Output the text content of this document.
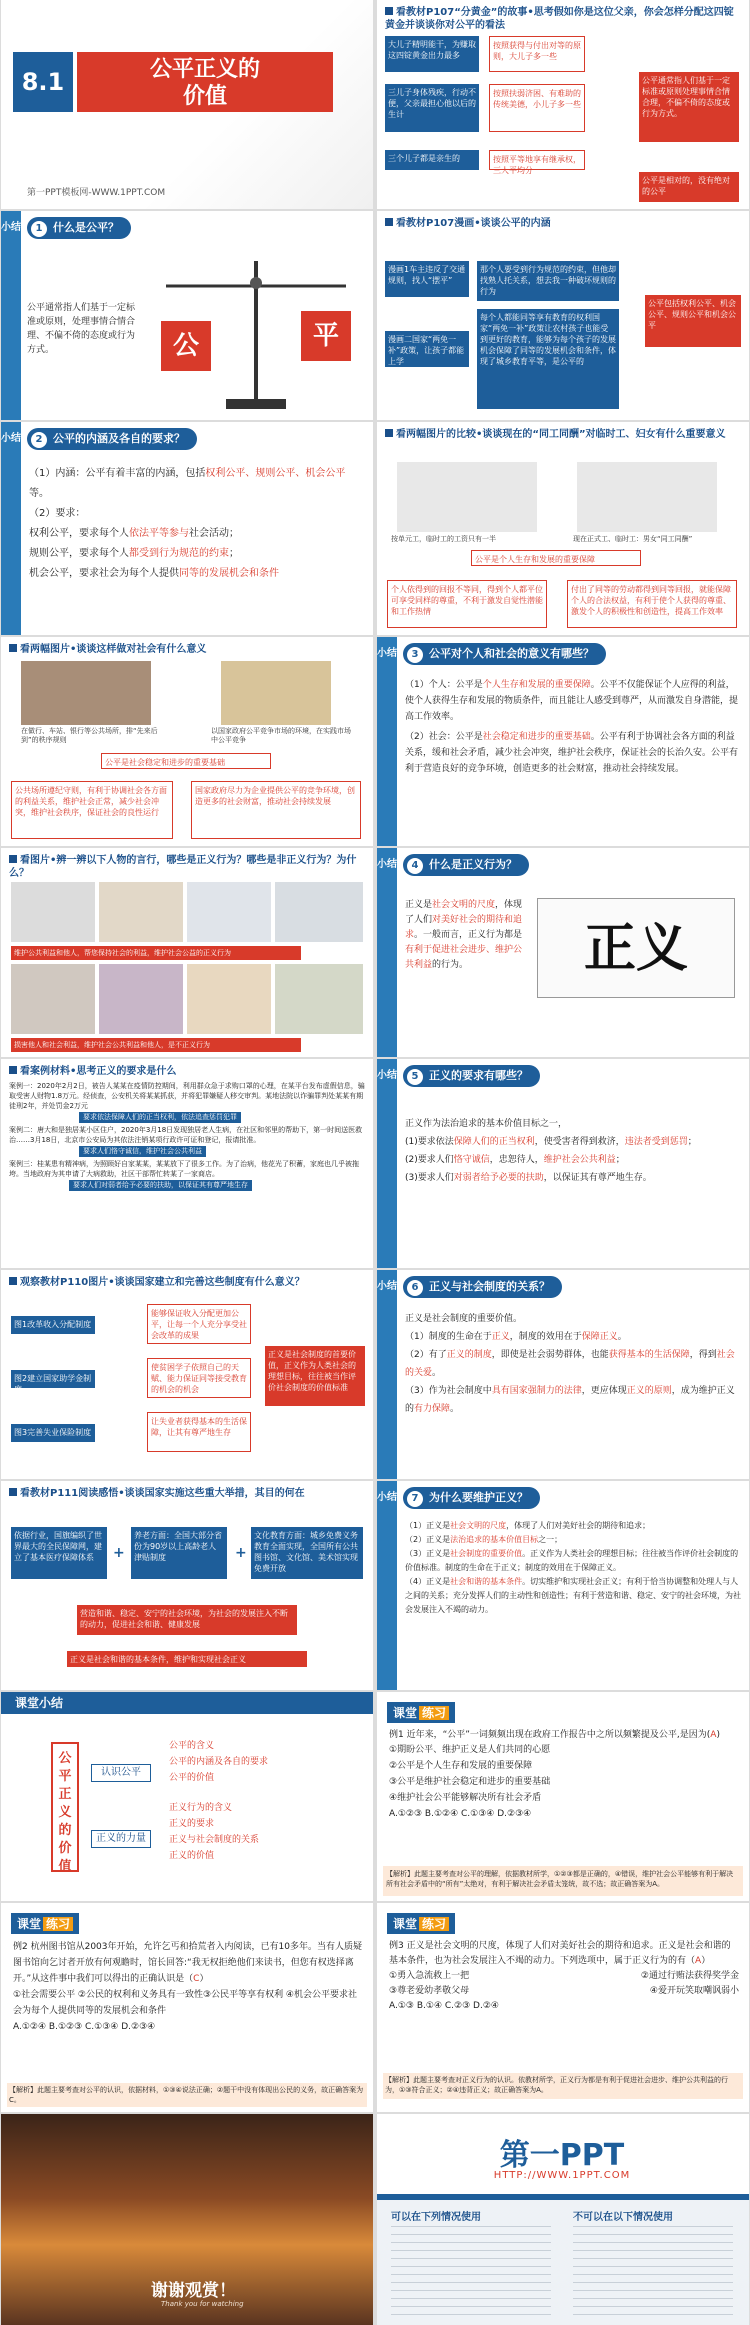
8.1	公平正义的
价值
第一PPT模板网-WWW.1PPT.COM
看教材P107“分黄金”的故事•思考假如你是这位父亲，你会怎样分配这四锭黄金并谈谈你对公平的看法
大儿子精明能干，为赚取这四锭黄金出力最多
三儿子身体残疾，行动不便，父亲最担心他以后的生计
三个儿子都是亲生的
按照获得与付出对等的原则，大儿子多一些
按照扶弱济困、有难助的传统美德，小儿子多一些
按照平等地享有继承权，三人平均分
公平通常指人们基于一定标准或原则处理事情合情合理，不偏不倚的态度或行为方式。
公平是相对的，没有绝对的公平
小结	1 什么是公平？
公平通常指人们基于一定标准或原则，处理事情合情合理、不偏不倚的态度或行为方式。	公	平
看教材P107漫画•谈谈公平的内涵
漫画1车主违反了交通规则，找人“摆平”
漫画二国家“两免一补”政策，让孩子都能上学
那个人要受到行为规范的约束，但他却找熟人托关系，想去我一种破坏规则的行为
每个人都能同等享有教育的权利国家“两免一补”政策让农村孩子也能受到更好的教育，能够为每个孩子的发展机会保障了同等的发展机会和条件，体现了城乡教育平等，是公平的
公平包括权利公平、机会公平、规则公平和机会公平
小结	2 公平的内涵及各自的要求？
（1）内涵：公平有着丰富的内涵，包括权利公平、规则公平、机会公平等。
（2）要求：
权利公平，要求每个人依法平等参与社会活动；
规则公平，要求每个人都受到行为规范的约束；
机会公平，要求社会为每个人提供同等的发展机会和条件
看两幅图片的比较•谈谈现在的“同工同酬”对临时工、妇女有什么重要意义
按单元工，临时工的工资只有一半	现在正式工、临时工：男女“同工同酬”
公平是个人生存和发展的重要保障
个人依得到的回报不等同，得到个人都平位可享受同样的尊重，不利于激发自觉性潜能和工作热情
付出了同等的劳动都得到同等回报，就能保障个人的合法权益，有利于使个人获得的尊重、激发个人的积极性和创造性，提高工作效率
看两幅图片•谈谈这样做对社会有什么意义
在做行、车站、银行等公共场所，排“先来后到”的秩序规则
以国家政府公平竞争市场的环境，在实践市场中公平竞争
公平是社会稳定和进步的重要基础
公共场所遵纪守则，有利于协调社会各方面的利益关系，维护社会正常，减少社会冲突，维护社会秩序，保证社会的良性运行
国家政府尽力为企业提供公平的竞争环境，创造更多的社会财富，推动社会持续发展
小结	3 公平对个人和社会的意义有哪些？

（1）个人：公平是个人生存和发展的重要保障。公平不仅能保证个人应得的利益，使个人获得生存和发展的物质条件，而且能让人感受到尊严，从而激发自身潜能，提高工作效率。

（2）社会：公平是社会稳定和进步的重要基础。公平有利于协调社会各方面的利益关系，缓和社会矛盾，减少社会冲突，维护社会秩序，保证社会的长治久安。公平有利于营造良好的竞争环境，创造更多的社会财富，推动社会持续发展。

看图片•辨一辨以下人物的言行，哪些是正义行为？哪些是非正义行为？为什么？
维护公共利益和他人，帮您保持社会的利益，维护社会公益的正义行为
损害他人和社会利益，维护社会公共利益和他人，是不正义行为
小结	4 什么是正义行为？
正义是社会文明的尺度，体现了人们对美好社会的期待和追求。一般而言，正义行为都是有利于促进社会进步、维护公共利益的行为。	正义
看案例材料•思考正义的要求是什么

案例一：2020年2月2日，被告人某某在疫情防控期间，利用群众急于求购口罩的心理，在某平台发布虚假信息，骗取受害人财物1.8万元。经侦查，公安机关将某某抓获，并将犯罪嫌疑人移交审判。某地法院以诈骗罪判处某某有期徒刑2年，并处罚金2万元

要求依法保障人们的正当权利，依法追查惩罚犯罪

案例二：唐大和是独居某小区住户，2020年3月18日发现独居老人生病，在社区和邻里的帮助下，第一时间送医救治……3月18日，北京市公安局为其依法注销某项行政许可证和登记，报请批准。

要求人们恪守诚信，维护社会公共利益

案例三：桂某患有精神病，为照顾好自家某某，某某放下了很多工作。为了治病，他花光了积蓄，家庭也几乎被拖垮。当地政府为其申请了大病救助，社区干部帮忙转某了一家商店。

要求人们对弱者给予必要的扶助，以保证其有尊严地生存
小结	5 正义的要求有哪些？
正义作为法治追求的基本价值目标之一，
(1)要求依法保障人们的正当权利，使受害者得到救济，违法者受到惩罚；
(2)要求人们恪守诚信，忠恕待人，维护社会公共利益；
(3)要求人们对弱者给予必要的扶助，以保证其有尊严地生存。
观察教材P110图片•谈谈国家建立和完善这些制度有什么意义？
图1改革收入分配制度
图2建立国家助学金制度
图3完善失业保险制度
能够保证收入分配更加公平，让每一个人充分享受社会改革的成果
使贫困学子依照自己的天赋、能力保证同等接受教育的机会的机会
让失业者获得基本的生活保障，让其有尊严地生存
正义是社会制度的首要价值，正义作为人类社会的理想目标，往往被当作评价社会制度的价值标准
小结	6 正义与社会制度的关系？
正义是社会制度的重要价值。
（1）制度的生命在于正义，制度的效用在于保障正义。
（2）有了正义的制度，即使是社会弱势群体，也能获得基本的生活保障，得到社会的关爱。
（3）作为社会制度中具有国家强制力的法律，更应体现正义的原则，成为维护正义的有力保障。
看教材P111阅读感悟•谈谈国家实施这些重大举措，其目的何在
依据行业，国旗编织了世界最大的全民保障网，建立了基本医疗保障体系
养老方面：全国大部分省份为90岁以上高龄老人津贴制度
文化教育方面：城乡免费义务教育全面实现，全国所有公共图书馆、文化馆、美术馆实现免费开放
+	+
营造和谐、稳定、安宁的社会环境，为社会的发展注入不断的动力，促进社会和谐、健康发展
正义是社会和谐的基本条件，维护和实现社会正义
小结	7 为什么要维护正义？
（1）正义是社会文明的尺度，体现了人们对美好社会的期待和追求；
（2）正义是法治追求的基本价值目标之一；
（3）正义是社会制度的重要价值。正义作为人类社会的理想目标；往往被当作评价社会制度的价值标准。制度的生命在于正义；制度的效用在于保障正义。
（4）正义是社会和谐的基本条件。切实维护和实现社会正义；有利于恰当协调整和处理人与人之间的关系；充分发挥人们的主动性和创造性；有利于营造和谐、稳定、安宁的社会环境，为社会发展注入不竭的动力。
课堂小结
公平正义的价值
认识公平
正义的力量
公平的含义
公平的内涵及各自的要求
公平的价值
正义行为的含义
正义的要求
正义与社会制度的关系
正义的价值
课堂 练习
例1 近年来，“公平”一词频频出现在政府工作报告中之所以频繁提及公平,是因为(A)
①期盼公平、维护正义是人们共同的心愿
②公平是个人生存和发展的重要保障
③公平是维护社会稳定和进步的重要基础
④维护社会公平能够解决所有社会矛盾
A.①②③ B.①②④ C.①③④ D.②③④
【解析】此题主要考查对公平的理解，依据教材所学，①②③都是正确的，④错误，维护社会公平能够有利于解决所有社会矛盾中的“所有”太绝对，有利于解决社会矛盾太笼统，故不选；故正确答案为A。
课堂 练习
例2 杭州图书馆从2003年开始，允许乞丐和拾荒者入内阅读，已有10多年。当有人质疑图书馆向乞讨者开放有何观瞻时，馆长回答:“我无权拒绝他们来读书，但您有权选择离开。”从这件事中我们可以得出的正确认识是（C）
①社会需要公平 ②公民的权利和义务具有一致性③公民平等享有权利 ④机会公平要求社会为每个人提供同等的发展机会和条件
A.①②④ B.①②③ C.①③④ D.②③④
【解析】此题主要考查对公平的认识，依据材料，①③④说法正确；②题干中没有体现出公民的义务，故正确答案为C。
课堂 练习
例3 正义是社会文明的尺度，体现了人们对美好社会的期待和追求。正义是社会和谐的基本条件，也为社会发展注入不竭的动力。下列选项中，属于正义行为的有（A）
①勇入急流救上一把	②通过行贿法获得奖学金
③尊老爱幼孝敬父母	④爱开玩笑取嘲讽弱小
A.①③ B.①④ C.②③ D.②④
【解析】此题主要考查对正义行为的认识。依教材所学，正义行为都是有利于促进社会进步、维护公共利益的行为，①③符合正义；②④违背正义；故正确答案为A。
谢谢观赏！
Thank you for watching
第一PPT
HTTP://WWW.1PPT.COM
可以在下列情况使用	不可以在以下情况使用
